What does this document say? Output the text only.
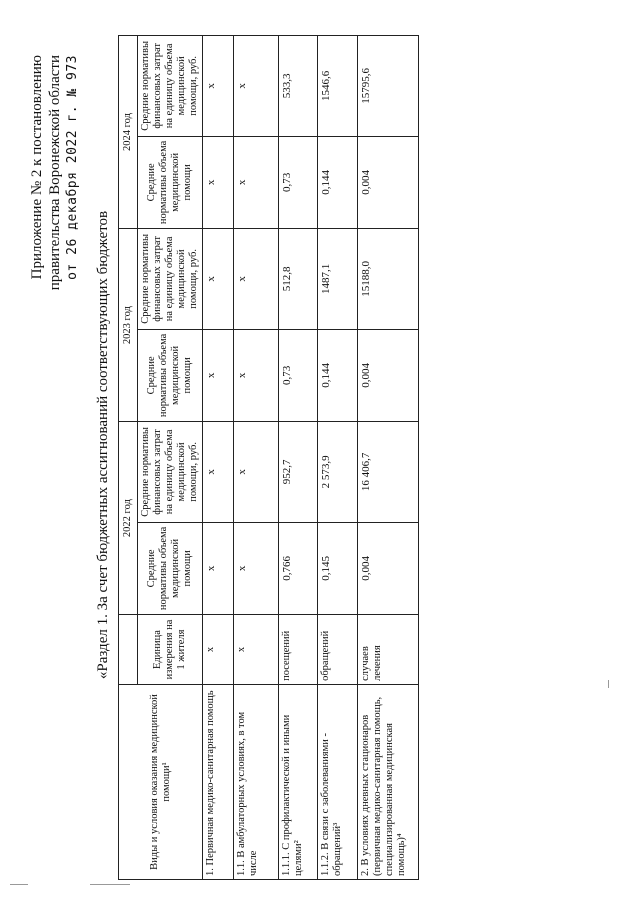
Приложение № 2 к постановлению правительства Воронежской области от 26 декабря 2022 г. № 973
«Раздел 1. За счет бюджетных ассигнований соответствующих бюджетов
Виды и условия оказания медицинской помощи¹		2022 год		2023 год		2024 год	
	Единица измерения на 1 жителя	Средние нормативы объема медицинской помощи	Средние нормативы финансовых затрат на единицу объема медицинской помощи, руб.	Средние нормативы объема медицинской помощи	Средние нормативы финансовых затрат на единицу объема медицинской помощи, руб.	Средние нормативы объема медицинской помощи	Средние нормативы финансовых затрат на единицу объема медицинской помощи, руб.

1. Первичная медико-санитарная помощь	х	х	х	х	х	х	х
1.1. В амбулаторных условиях, в том числе	х	х	х	х	х	х	х
1.1.1. С профилактической и иными целями²	посещений	0,766	952,7	0,73	512,8	0,73	533,3
1.1.2. В связи с заболеваниями - обращений³	обращений	0,145	2 573,9	0,144	1487,1	0,144	1546,6
2. В условиях дневных стационаров (первичная медико-санитарная помощь, специализированная медицинская помощь)⁴	случаев лечения	0,004	16 406,7	0,004	15188,0	0,004	15795,6
